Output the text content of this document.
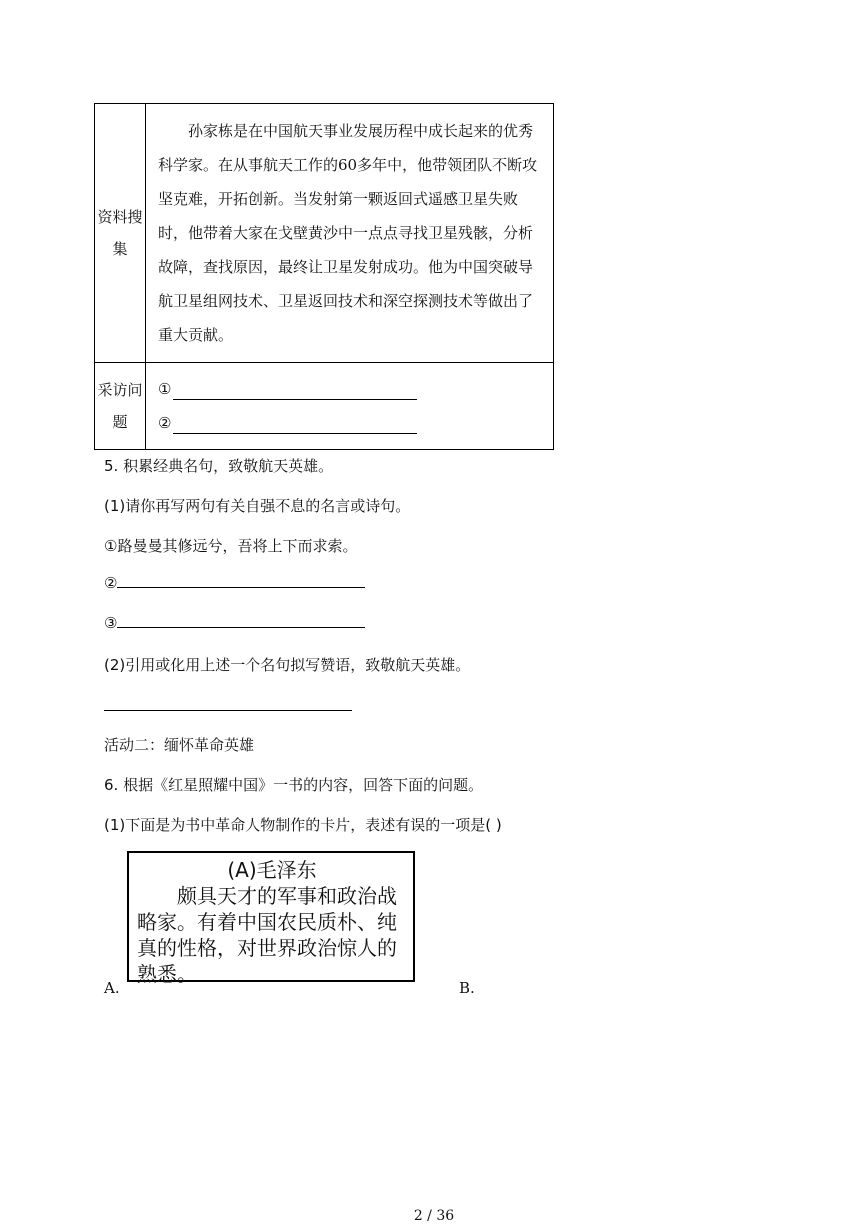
资料搜集	孙家栋是在中国航天事业发展历程中成长起来的优秀科学家。在从事航天工作的60多年中，他带领团队不断攻坚克难，开拓创新。当发射第一颗返回式遥感卫星失败时，他带着大家在戈壁黄沙中一点点寻找卫星残骸，分析故障，查找原因，最终让卫星发射成功。他为中国突破导航卫星组网技术、卫星返回技术和深空探测技术等做出了重大贡献。

采访问题	①
②
5. 积累经典名句，致敬航天英雄。
(1)请你再写两句有关自强不息的名言或诗句。
①路曼曼其修远兮，吾将上下而求索。
②
③
(2)引用或化用上述一个名句拟写赞语，致敬航天英雄。
活动二：缅怀革命英雄
6. 根据《红星照耀中国》一书的内容，回答下面的问题。
(1)下面是为书中革命人物制作的卡片，表述有误的一项是( )
(A)毛泽东
颇具天才的军事和政治战略家。有着中国农民质朴、纯真的性格，对世界政治惊人的熟悉。
A.	B.
2 / 36
